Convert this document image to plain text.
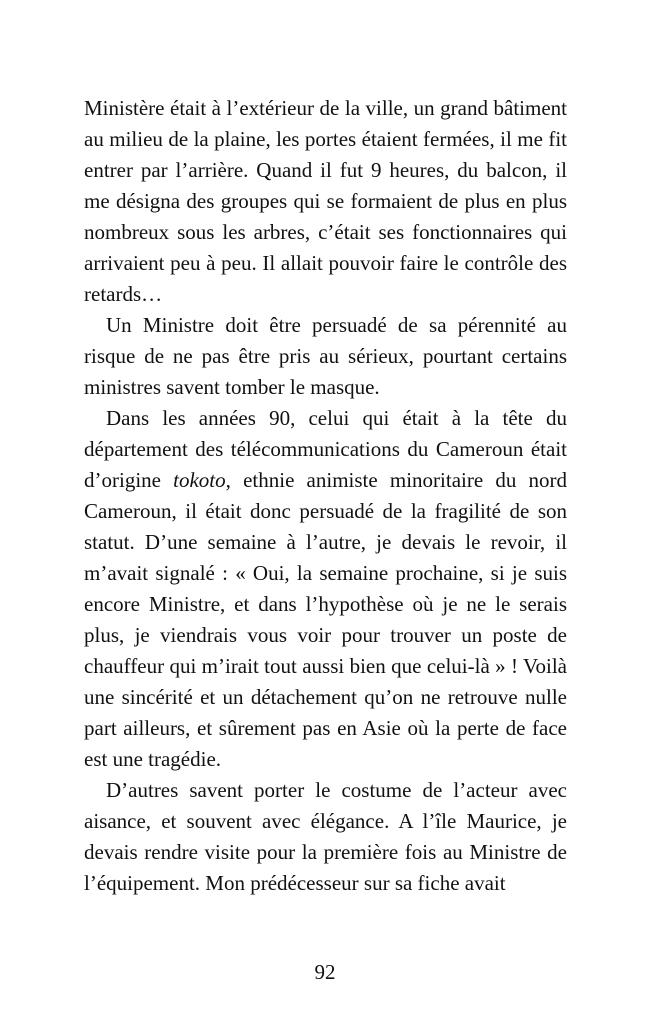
Ministère était à l’extérieur de la ville, un grand bâtiment au milieu de la plaine, les portes étaient fermées, il me fit entrer par l’arrière. Quand il fut 9 heures, du balcon, il me désigna des groupes qui se formaient de plus en plus nombreux sous les arbres, c’était ses fonctionnaires qui arrivaient peu à peu. Il allait pouvoir faire le contrôle des retards…

Un Ministre doit être persuadé de sa pérennité au risque de ne pas être pris au sérieux, pourtant certains ministres savent tomber le masque.

Dans les années 90, celui qui était à la tête du département des télécommunications du Cameroun était d’origine tokoto, ethnie animiste minoritaire du nord Cameroun, il était donc persuadé de la fragilité de son statut. D’une semaine à l’autre, je devais le revoir, il m’avait signalé : « Oui, la semaine prochaine, si je suis encore Ministre, et dans l’hypothèse où je ne le serais plus, je viendrais vous voir pour trouver un poste de chauffeur qui m’irait tout aussi bien que celui-là » ! Voilà une sincérité et un détachement qu’on ne retrouve nulle part ailleurs, et sûrement pas en Asie où la perte de face est une tragédie.

D’autres savent porter le costume de l’acteur avec aisance, et souvent avec élégance. A l’île Maurice, je devais rendre visite pour la première fois au Ministre de l’équipement. Mon prédécesseur sur sa fiche avait

92
